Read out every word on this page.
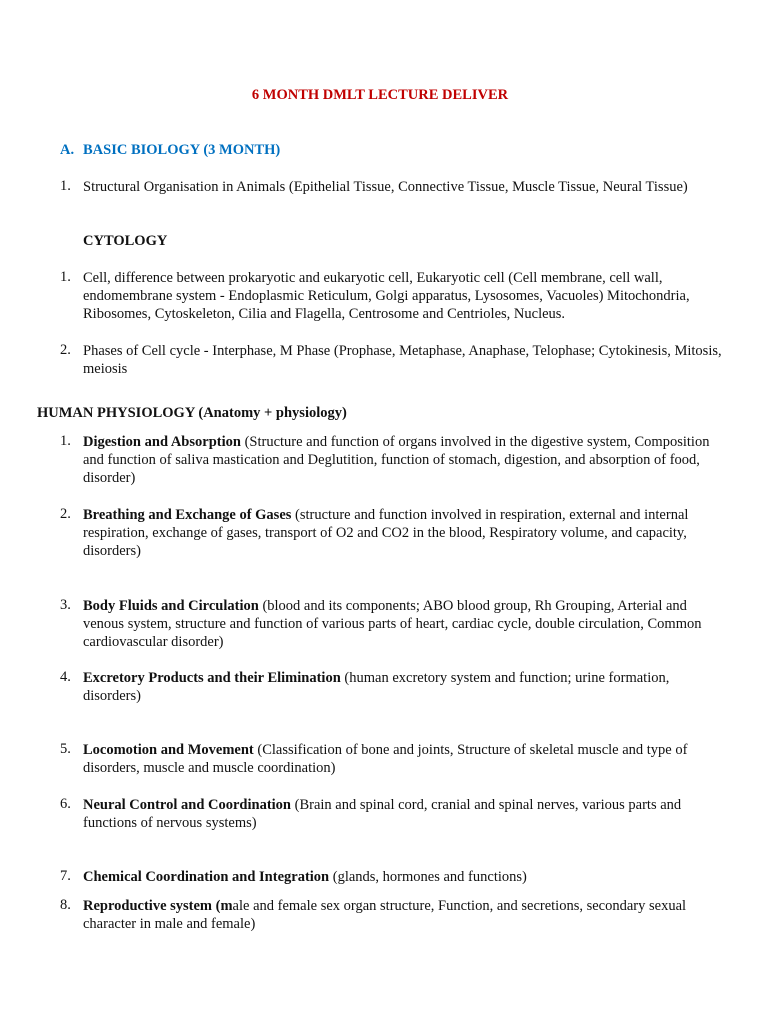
6 MONTH DMLT LECTURE DELIVER
A. BASIC BIOLOGY (3 MONTH)
1. Structural Organisation in Animals (Epithelial Tissue, Connective Tissue, Muscle Tissue, Neural Tissue)
CYTOLOGY
1. Cell, difference between prokaryotic and eukaryotic cell, Eukaryotic cell (Cell membrane, cell wall, endomembrane system - Endoplasmic Reticulum, Golgi apparatus, Lysosomes, Vacuoles) Mitochondria, Ribosomes, Cytoskeleton, Cilia and Flagella, Centrosome and Centrioles, Nucleus.
2. Phases of Cell cycle - Interphase, M Phase (Prophase, Metaphase, Anaphase, Telophase; Cytokinesis, Mitosis, meiosis
HUMAN PHYSIOLOGY (Anatomy + physiology)
1. Digestion and Absorption (Structure and function of organs involved in the digestive system, Composition and function of saliva mastication and Deglutition, function of stomach, digestion, and absorption of food, disorder)
2. Breathing and Exchange of Gases (structure and function involved in respiration, external and internal respiration, exchange of gases, transport of O2 and CO2 in the blood, Respiratory volume, and capacity, disorders)
3. Body Fluids and Circulation (blood and its components; ABO blood group, Rh Grouping, Arterial and venous system, structure and function of various parts of heart, cardiac cycle, double circulation, Common cardiovascular disorder)
4. Excretory Products and their Elimination (human excretory system and function; urine formation, disorders)
5. Locomotion and Movement (Classification of bone and joints, Structure of skeletal muscle and type of disorders, muscle and muscle coordination)
6. Neural Control and Coordination (Brain and spinal cord, cranial and spinal nerves, various parts and functions of nervous systems)
7. Chemical Coordination and Integration (glands, hormones and functions)
8. Reproductive system (male and female sex organ structure, Function, and secretions, secondary sexual character in male and female)
